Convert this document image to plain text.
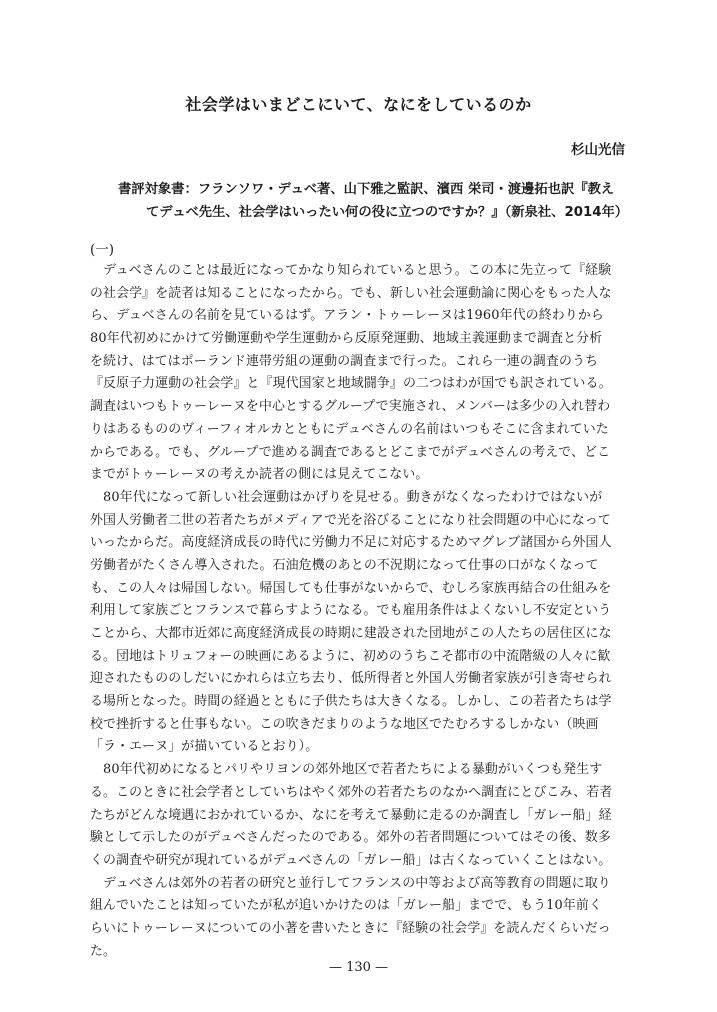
社会学はいまどこにいて、なにをしているのか
杉山光信
書評対象書：フランソワ・デュベ著、山下雅之監訳、濱西 栄司・渡邊拓也訳『教え
てデュベ先生、社会学はいったい何の役に立つのですか？』（新泉社、2014年）
(一)
　デュベさんのことは最近になってかなり知られていると思う。この本に先立って『経験
の社会学』を読者は知ることになったから。でも、新しい社会運動論に関心をもった人な
ら、デュベさんの名前を見ているはず。アラン・トゥーレーヌは1960年代の終わりから
80年代初めにかけて労働運動や学生運動から反原発運動、地域主義運動まで調査と分析
を続け、はてはポーランド連帯労組の運動の調査まで行った。これら一連の調査のうち
『反原子力運動の社会学』と『現代国家と地域闘争』の二つはわが国でも訳されている。
調査はいつもトゥーレーヌを中心とするグループで実施され、メンバーは多少の入れ替わ
りはあるもののヴィーフィオルカとともにデュベさんの名前はいつもそこに含まれていた
からである。でも、グループで進める調査であるとどこまでがデュベさんの考えで、どこ
までがトゥーレーヌの考えか読者の側には見えてこない。
　80年代になって新しい社会運動はかげりを見せる。動きがなくなったわけではないが
外国人労働者二世の若者たちがメディアで光を浴びることになり社会問題の中心になって
いったからだ。高度経済成長の時代に労働力不足に対応するためマグレブ諸国から外国人
労働者がたくさん導入された。石油危機のあとの不況期になって仕事の口がなくなって
も、この人々は帰国しない。帰国しても仕事がないからで、むしろ家族再結合の仕組みを
利用して家族ごとフランスで暮らすようになる。でも雇用条件はよくないし不安定という
ことから、大都市近郊に高度経済成長の時期に建設された団地がこの人たちの居住区にな
る。団地はトリュフォーの映画にあるように、初めのうちこそ都市の中流階級の人々に歓
迎されたもののしだいにかれらは立ち去り、低所得者と外国人労働者家族が引き寄せられ
る場所となった。時間の経過とともに子供たちは大きくなる。しかし、この若者たちは学
校で挫折すると仕事もない。この吹きだまりのような地区でたむろするしかない（映画
「ラ・エーヌ」が描いているとおり）。
　80年代初めになるとパリやリヨンの郊外地区で若者たちによる暴動がいくつも発生す
る。このときに社会学者としていちはやく郊外の若者たちのなかへ調査にとびこみ、若者
たちがどんな境遇におかれているか、なにを考えて暴動に走るのか調査し「ガレー船」経
験として示したのがデュベさんだったのである。郊外の若者問題についてはその後、数多
くの調査や研究が現れているがデュベさんの「ガレー船」は古くなっていくことはない。
　デュベさんは郊外の若者の研究と並行してフランスの中等および高等教育の問題に取り
組んでいたことは知っていたが私が追いかけたのは「ガレー船」までで、もう10年前く
らいにトゥーレーヌについての小著を書いたときに『経験の社会学』を読んだくらいだっ
た。
— 130 —
